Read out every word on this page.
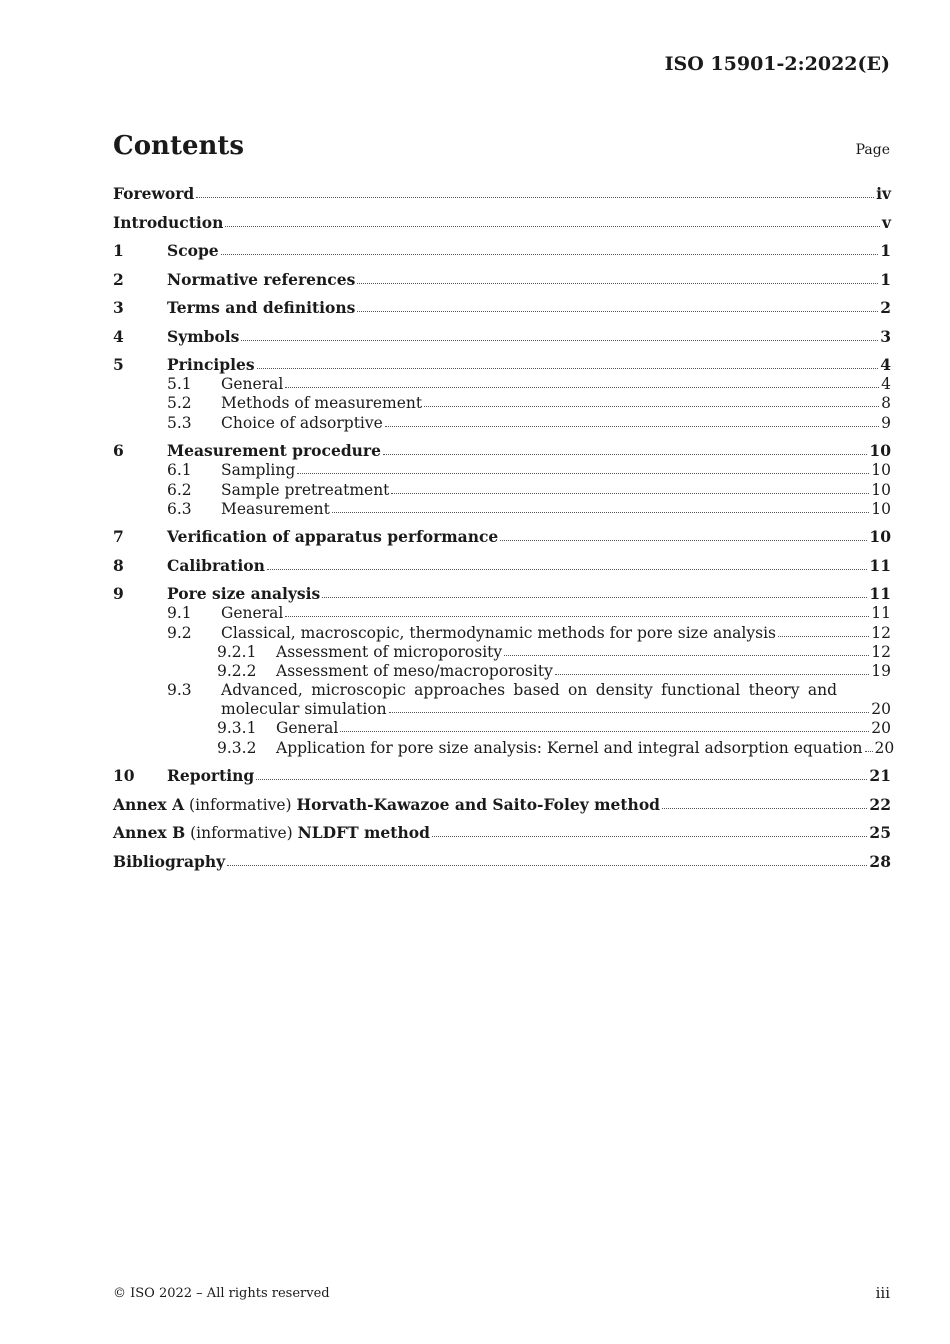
ISO 15901-2:2022(E)
Contents	Page
Foreword	iv
Introduction	v
1	Scope	1
2	Normative references	1
3	Terms and definitions	2
4	Symbols	3
5	Principles	4
5.1	General	4
5.2	Methods of measurement	8
5.3	Choice of adsorptive	9
6	Measurement procedure	10
6.1	Sampling	10
6.2	Sample pretreatment	10
6.3	Measurement	10
7	Verification of apparatus performance	10
8	Calibration	11
9	Pore size analysis	11
9.1	General	11
9.2	Classical, macroscopic, thermodynamic methods for pore size analysis	12
9.2.1	Assessment of microporosity	12
9.2.2	Assessment of meso/macroporosity	19
9.3	Advanced, microscopic approaches based on density functional theory and
molecular simulation	20
9.3.1	General	20
9.3.2	Application for pore size analysis: Kernel and integral adsorption equation 20
10	Reporting	21
Annex A (informative) Horvath-Kawazoe and Saito-Foley method	22
Annex B (informative) NLDFT method	25
Bibliography	28
© ISO 2022 – All rights reserved	iii
